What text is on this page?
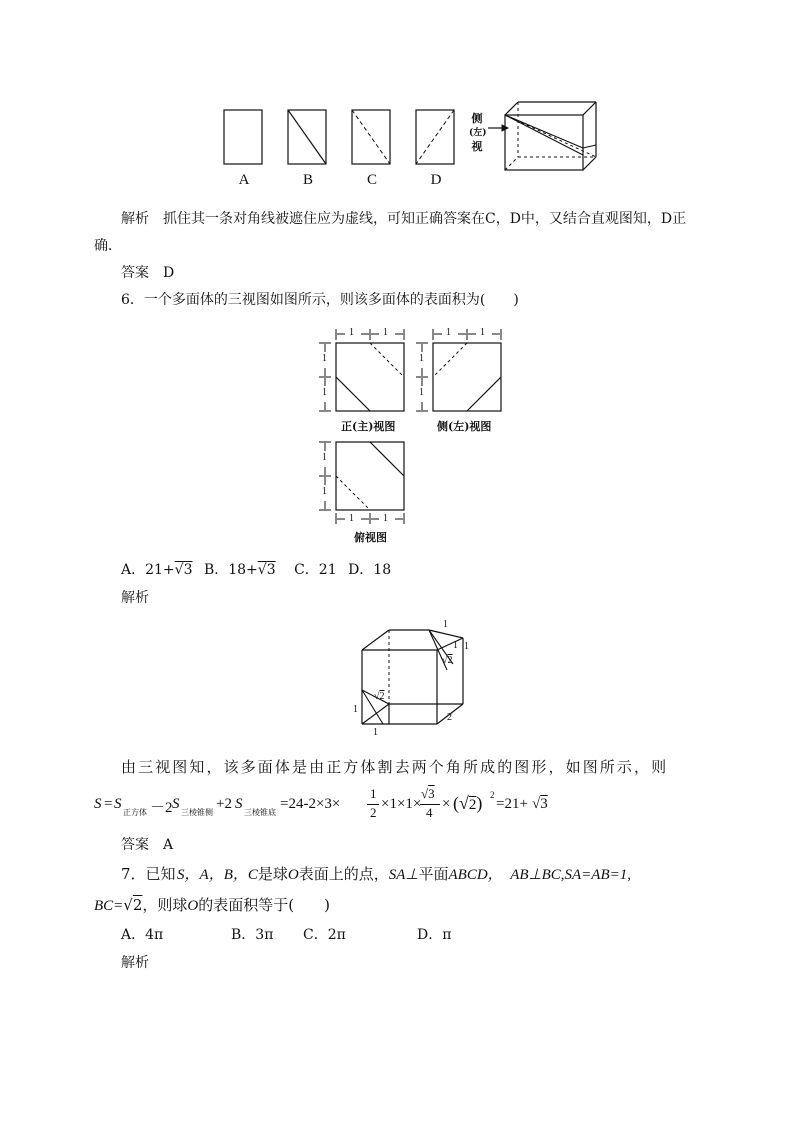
A	B	C	D
侧
(左)
视
解析　 抓住其一条对角线被遮住应为虚线，可知正确答案在C，D中，又结合直观图知，D正
确．
答案　 D
6．一个多面体的三视图如图所示，则该多面体的表面积为(　　)
1	1
1
1
正(主)视图
1	1
1
1
侧(左)视图
1
1
1	1
俯视图
A．21+√3  B．18+√3   C．21  D．18
解析
1
1
1
√2
√2
1
1
2
由三视图知，该多面体是由正方体割去两个角所成的图形，如图所示，则
S = S
正方体 －2 S
三棱锥侧
+2 S
三棱锥底
=24-2×3×
1
2
×1×1×
√3
4
× (√2) 2
=21+ √3
答案　 A
7．已知  S，A，B，C是球O表面上的点，SA⊥平面ABCD，  AB⊥BC,SA=AB=1,
BC=√2，则球O的表面积等于(　　)
A．4π	B．3π C．2π	D．π
解析
